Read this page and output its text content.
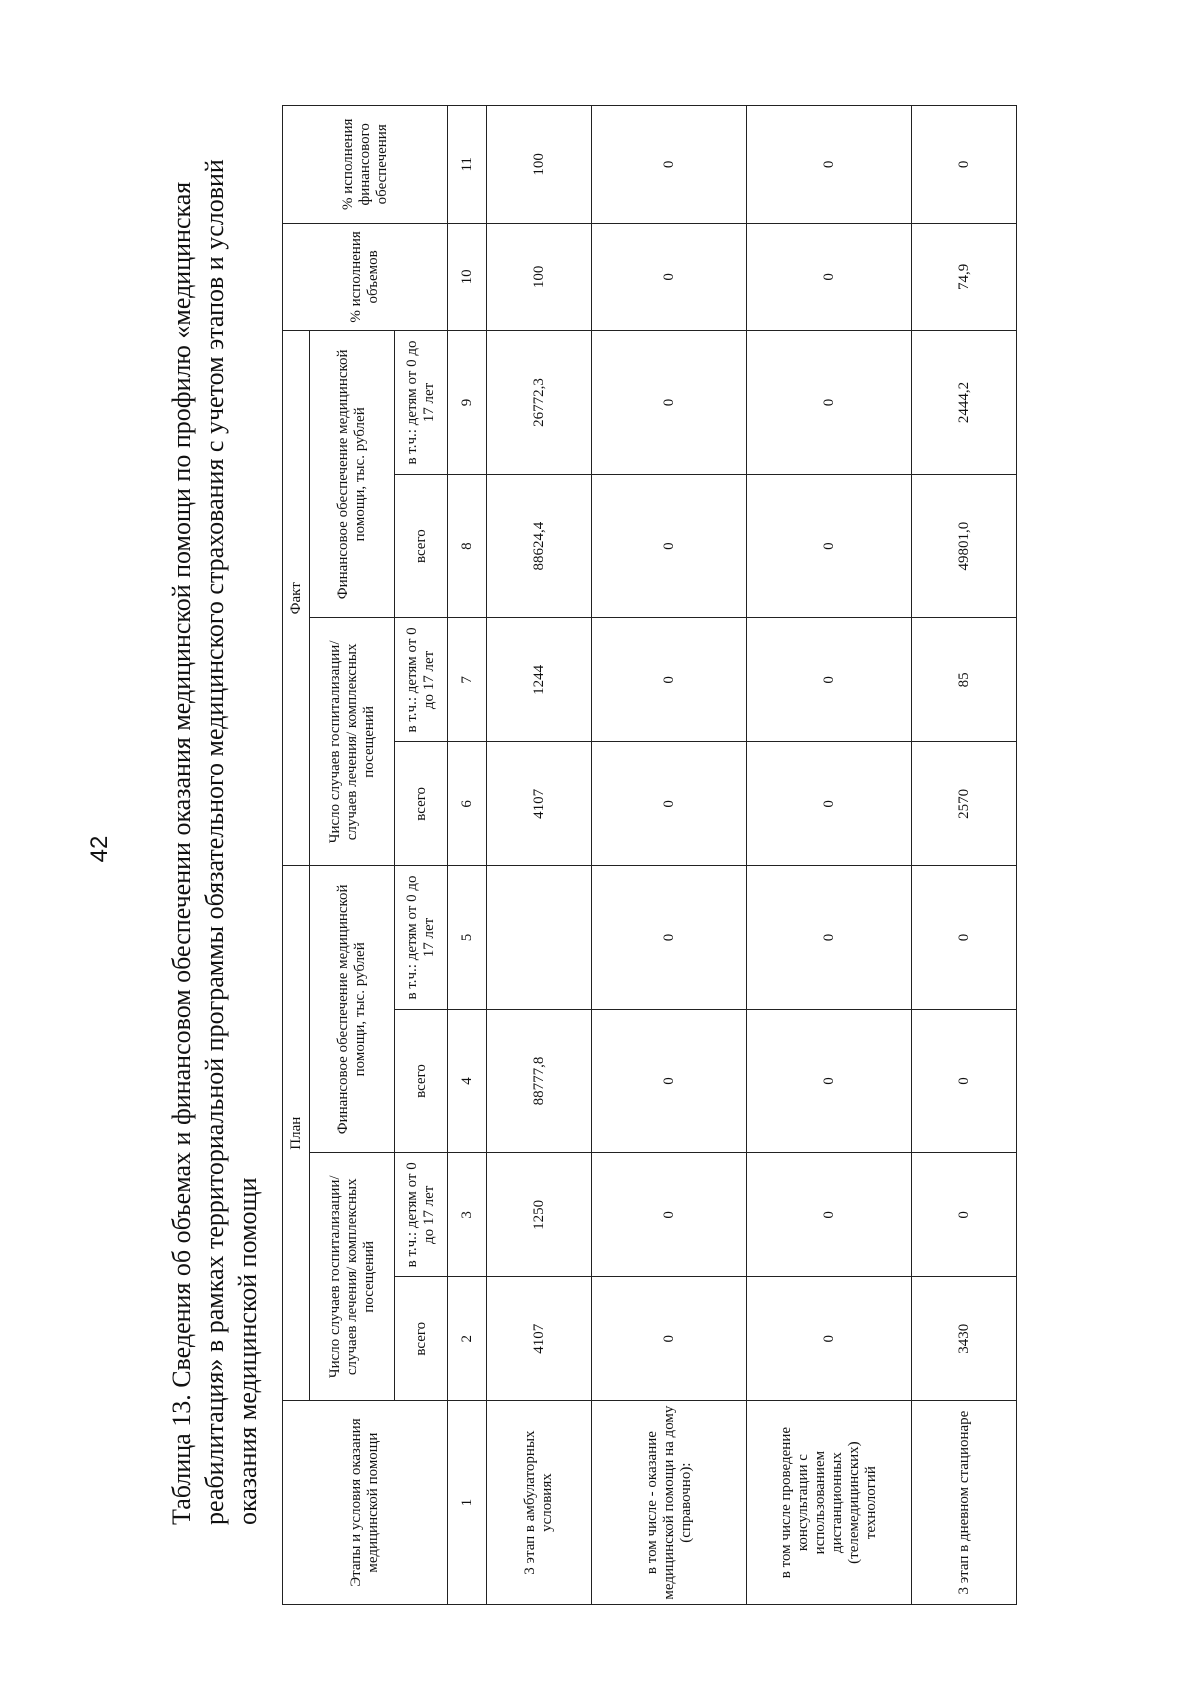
42 Таблица 13. Сведения об объемах и финансовом обеспечении оказания медицинской помощи по профилю «медицинская реабилитация» в рамках территориальной программы обязательного медицинского страхования с учетом этапов и условий оказания медицинской помощи	Этапы и условия оказания медицинской помощи	План				Факт				% исполнения объемов	% исполнения финансового обеспечения
	Число случаев госпитализации/ случаев лечения/ комплексных посещений		Финансовое обеспечение медицинской помощи, тыс. рублей		Число случаев госпитализации/ случаев лечения/ комплексных посещений		Финансовое обеспечение медицинской помощи, тыс. рублей			
	всего	в т.ч.: детям от 0 до 17 лет	всего	в т.ч.: детям от 0 до 17 лет	всего	в т.ч.: детям от 0 до 17 лет	всего	в т.ч.: детям от 0 до 17 лет		
1	2	3	4	5	6	7	8	9	10	11
3 этап в амбулаторных условиях	4107	1250	88777,8		4107	1244	88624,4	26772,3	100	100
в том числе - оказание медицинской помощи на дому (справочно):	0	0	0	0	0	0	0	0	0	0
в том числе проведение консультации с использованием дистанционных (телемедицинских) технологий	0	0	0	0	0	0	0	0	0	0
3 этап в дневном стационаре	3430	0	0	0	2570	85	49801,0	2444,2	74,9	0
